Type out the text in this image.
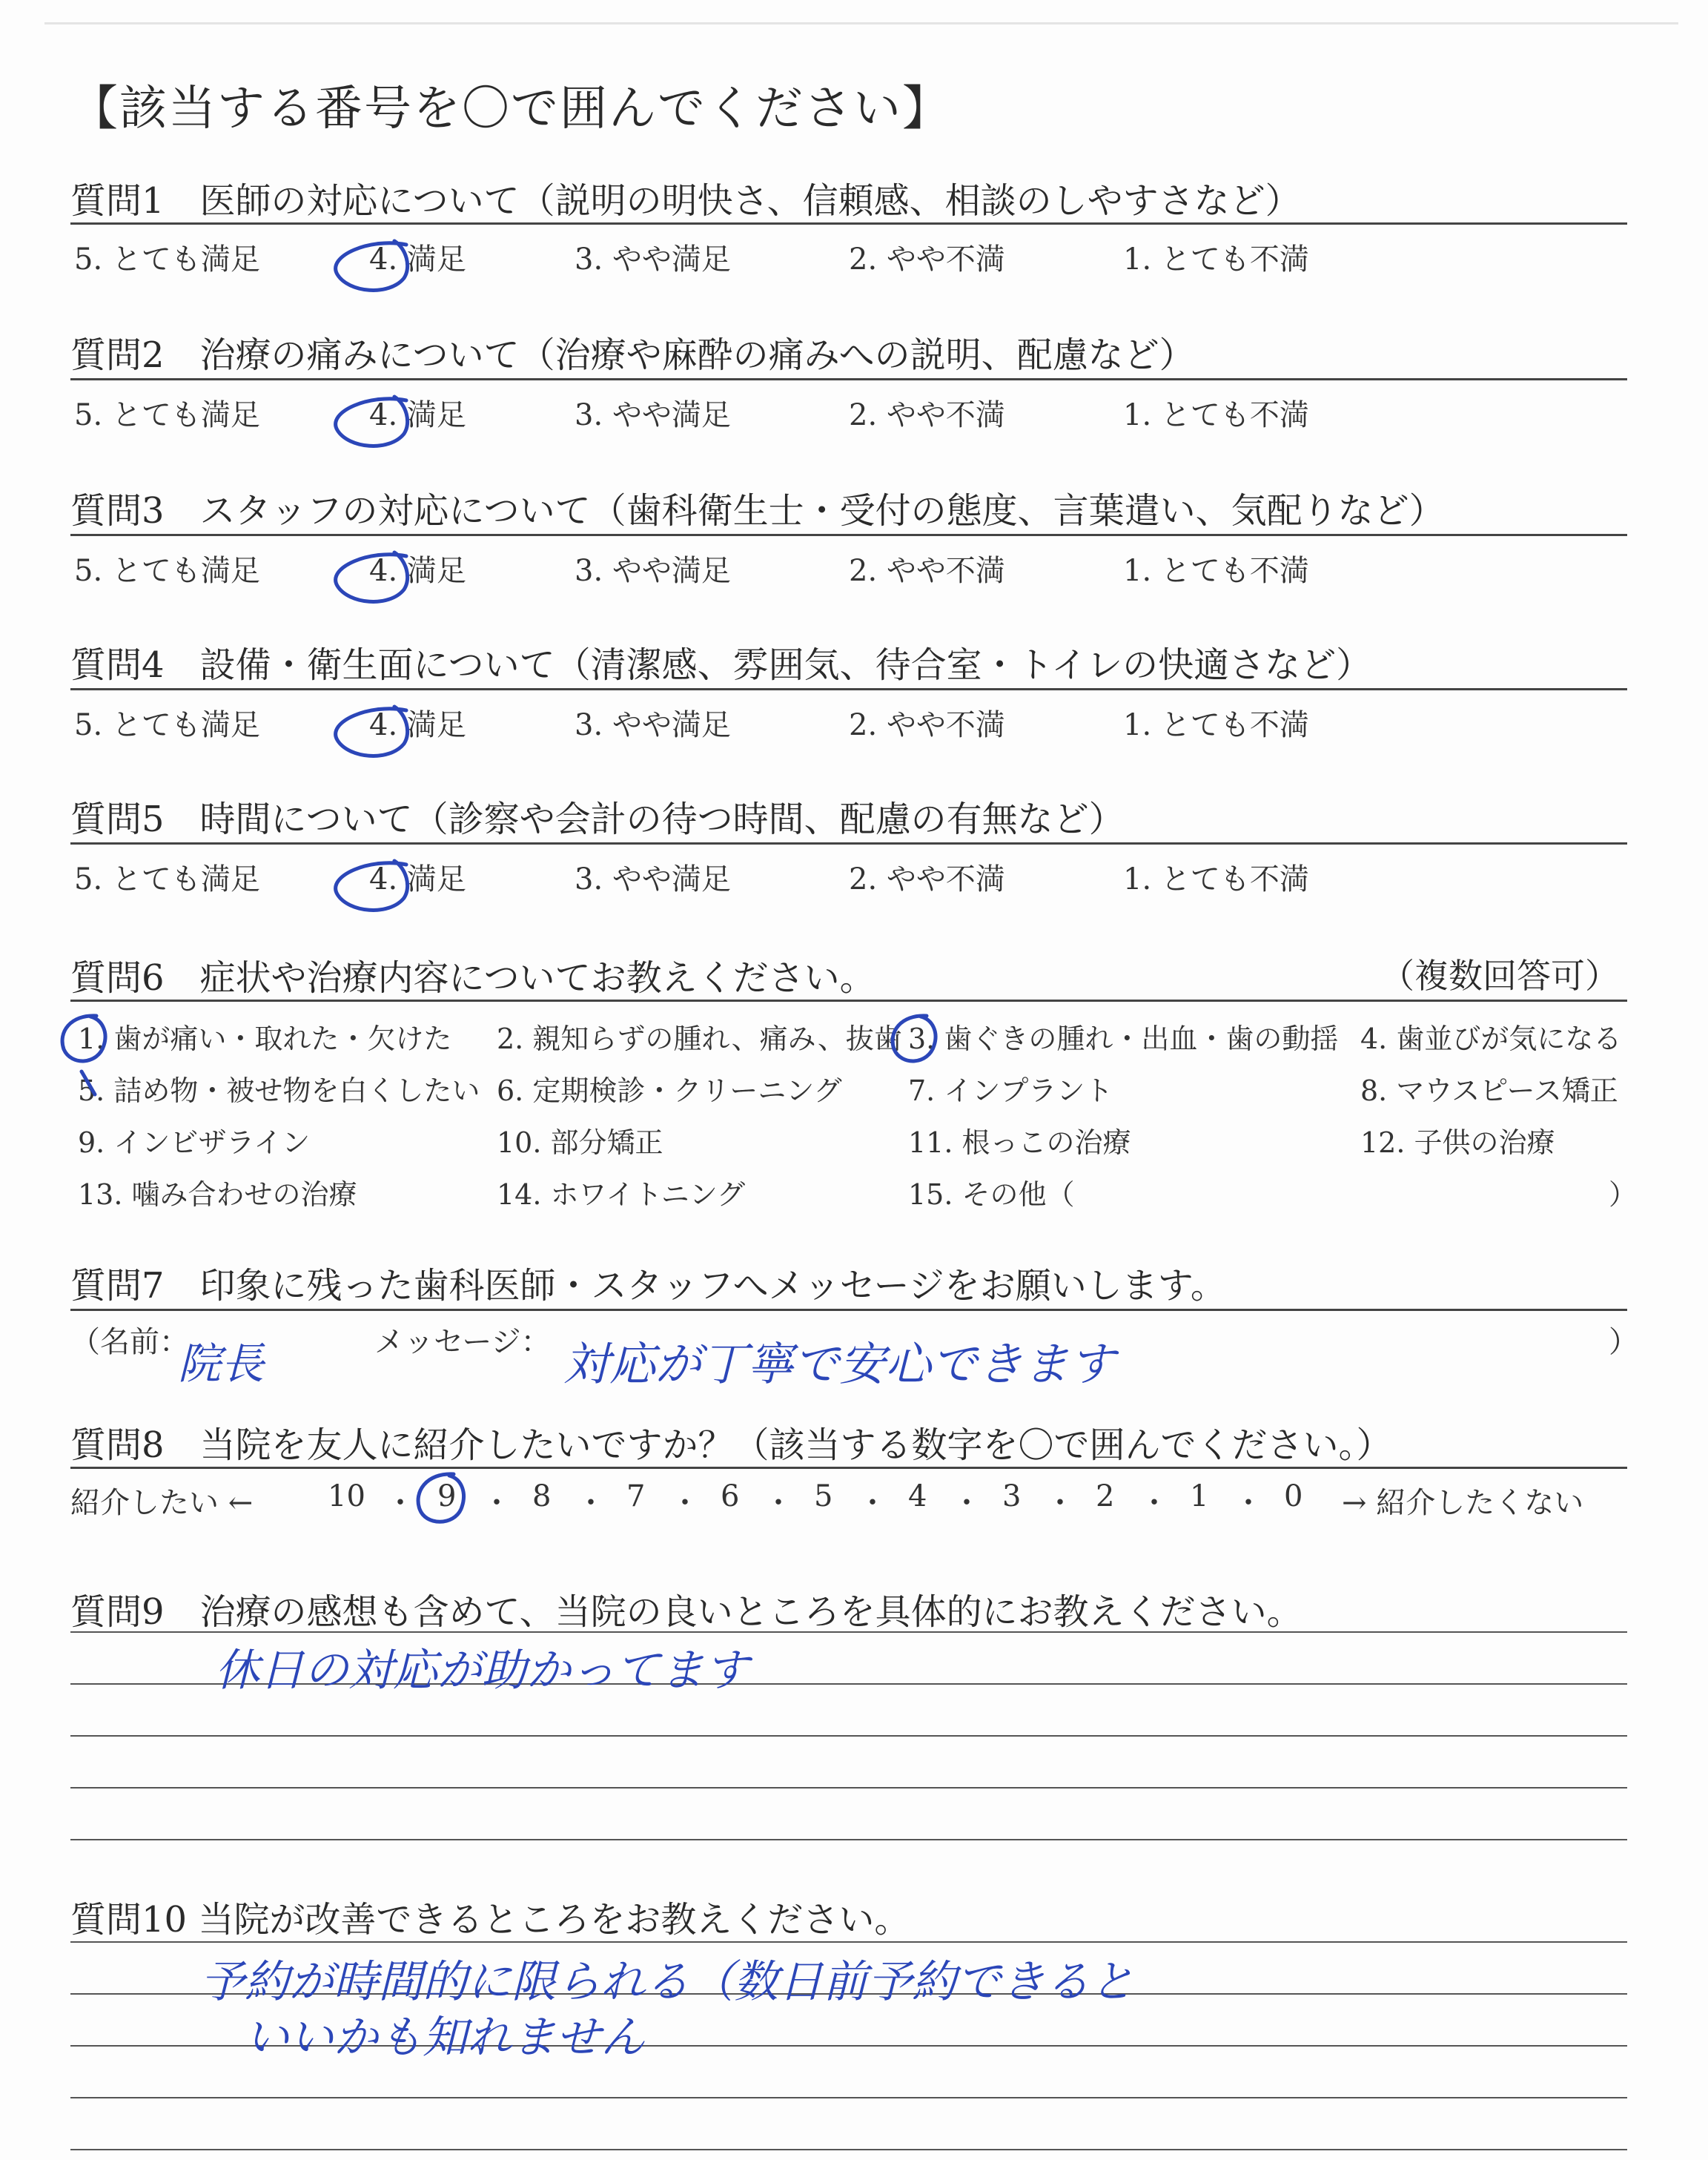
【該当する番号を〇で囲んでください】
質問1　医師の対応について（説明の明快さ、信頼感、相談のしやすさなど）
5. とても満足	4. 満足	3. やや満足	2. やや不満	1. とても不満
質問2　治療の痛みについて（治療や麻酔の痛みへの説明、配慮など）
5. とても満足	4. 満足	3. やや満足	2. やや不満	1. とても不満
質問3　スタッフの対応について（歯科衛生士・受付の態度、言葉遣い、気配りなど）
5. とても満足	4. 満足	3. やや満足	2. やや不満	1. とても不満
質問4　設備・衛生面について（清潔感、雰囲気、待合室・トイレの快適さなど）
5. とても満足	4. 満足	3. やや満足	2. やや不満	1. とても不満
質問5　時間について（診察や会計の待つ時間、配慮の有無など）
5. とても満足	4. 満足	3. やや満足	2. やや不満	1. とても不満
質問6　症状や治療内容についてお教えください。	（複数回答可）
1. 歯が痛い・取れた・欠けた 2. 親知らずの腫れ、痛み、抜歯 3. 歯ぐきの腫れ・出血・歯の動揺 4. 歯並びが気になる
5. 詰め物・被せ物を白くしたい 6. 定期検診・クリーニング 7. インプラント	8. マウスピース矯正
9. インビザライン	10. 部分矯正	11. 根っこの治療	12. 子供の治療
13. 噛み合わせの治療	14. ホワイトニング	15. その他（	）
質問7　印象に残った歯科医師・スタッフへメッセージをお願いします。
（名前：
院長	メッセージ： 対応が丁寧で安心できます	）
質問8　当院を友人に紹介したいですか？（該当する数字を〇で囲んでください。）
紹介したい ←	→ 紹介したくない
10 9	8	7	6	5	4	3	2	1	0
・ ・ ・ ・ ・ ・ ・ ・ ・ ・
質問9　治療の感想も含めて、当院の良いところを具体的にお教えください。
休日の対応が助かってます
質問10 当院が改善できるところをお教えください。
予約が時間的に限られる（数日前予約できると
いいかも知れません
